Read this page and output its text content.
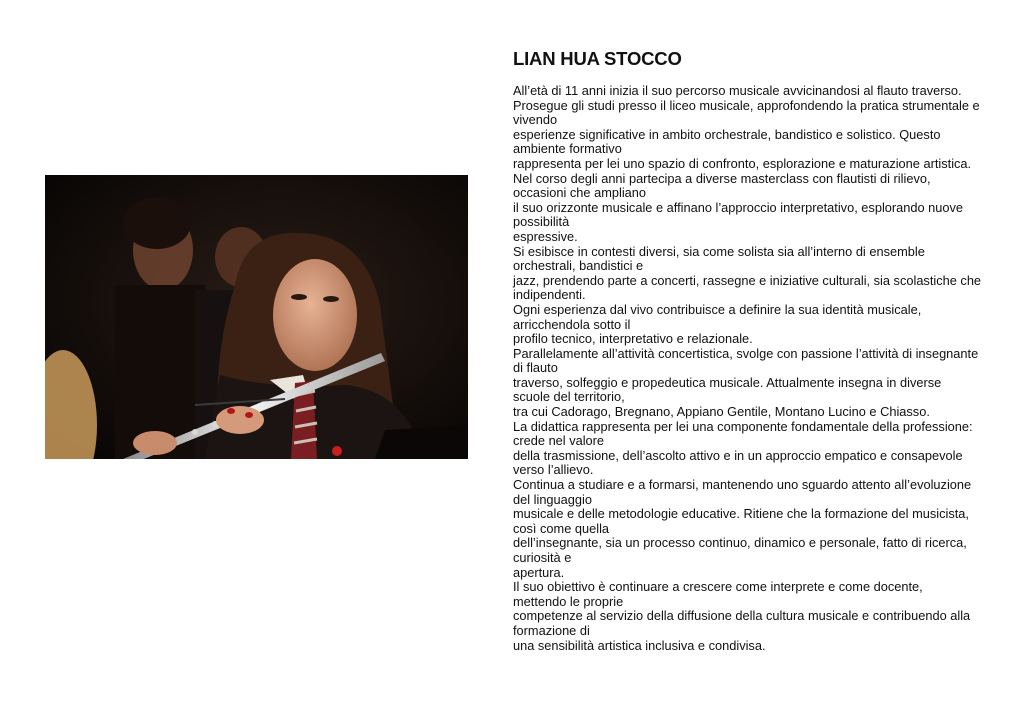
LIAN HUA STOCCO
All’età di 11 anni inizia il suo percorso musicale avvicinandosi al flauto traverso.
Prosegue gli studi presso il liceo musicale, approfondendo la pratica strumentale e
vivendo
esperienze significative in ambito orchestrale, bandistico e solistico. Questo
ambiente formativo
rappresenta per lei uno spazio di confronto, esplorazione e maturazione artistica.
Nel corso degli anni partecipa a diverse masterclass con flautisti di rilievo,
occasioni che ampliano
il suo orizzonte musicale e affinano l’approccio interpretativo, esplorando nuove
possibilità
espressive.
Si esibisce in contesti diversi, sia come solista sia all’interno di ensemble
orchestrali, bandistici e
jazz, prendendo parte a concerti, rassegne e iniziative culturali, sia scolastiche che
indipendenti.
Ogni esperienza dal vivo contribuisce a definire la sua identità musicale,
arricchendola sotto il
profilo tecnico, interpretativo e relazionale.
Parallelamente all’attività concertistica, svolge con passione l’attività di insegnante
di flauto
traverso, solfeggio e propedeutica musicale. Attualmente insegna in diverse
scuole del territorio,
tra cui Cadorago, Bregnano, Appiano Gentile, Montano Lucino e Chiasso.
La didattica rappresenta per lei una componente fondamentale della professione:
crede nel valore
della trasmissione, dell’ascolto attivo e in un approccio empatico e consapevole
verso l’allievo.
Continua a studiare e a formarsi, mantenendo uno sguardo attento all’evoluzione
del linguaggio
musicale e delle metodologie educative. Ritiene che la formazione del musicista,
così come quella
dell’insegnante, sia un processo continuo, dinamico e personale, fatto di ricerca,
curiosità e
apertura.
Il suo obiettivo è continuare a crescere come interprete e come docente,
mettendo le proprie
competenze al servizio della diffusione della cultura musicale e contribuendo alla
formazione di
una sensibilità artistica inclusiva e condivisa.
